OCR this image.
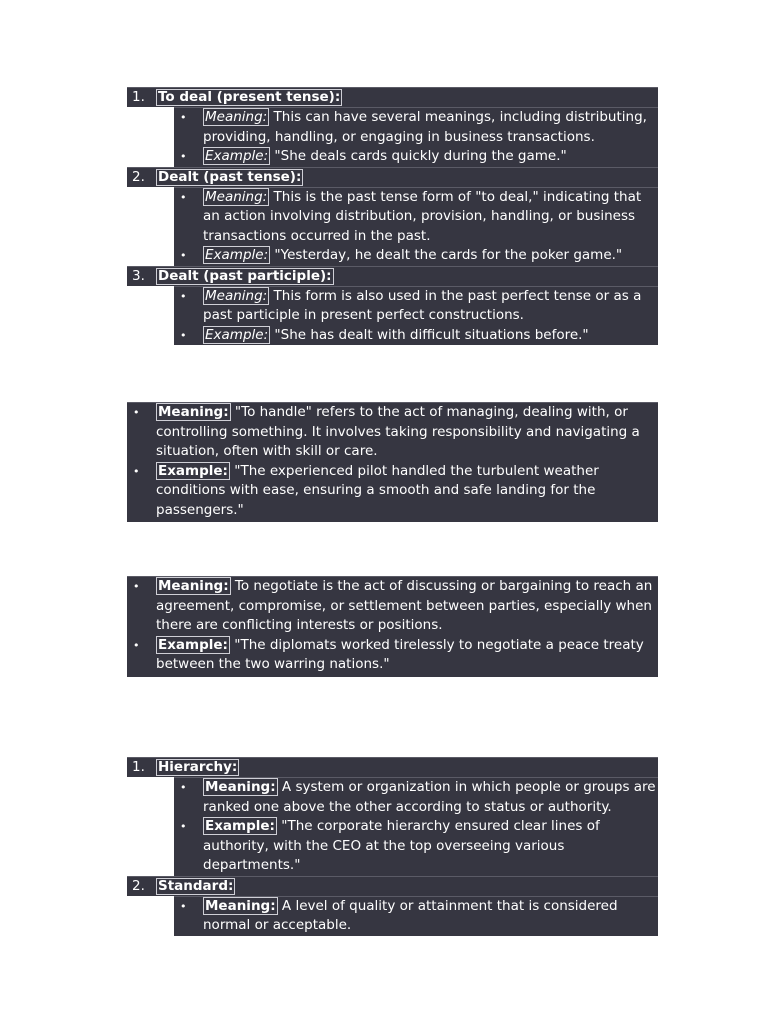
1. To deal (present tense):
• Meaning: This can have several meanings, including distributing, providing, handling, or engaging in business transactions.
• Example: "She deals cards quickly during the game."
2. Dealt (past tense):
• Meaning: This is the past tense form of "to deal," indicating that an action involving distribution, provision, handling, or business transactions occurred in the past.
• Example: "Yesterday, he dealt the cards for the poker game."
3. Dealt (past participle):
• Meaning: This form is also used in the past perfect tense or as a past participle in present perfect constructions.
• Example: "She has dealt with difficult situations before."
• Meaning: "To handle" refers to the act of managing, dealing with, or controlling something. It involves taking responsibility and navigating a situation, often with skill or care.
• Example: "The experienced pilot handled the turbulent weather conditions with ease, ensuring a smooth and safe landing for the passengers."
• Meaning: To negotiate is the act of discussing or bargaining to reach an agreement, compromise, or settlement between parties, especially when there are conflicting interests or positions.
• Example: "The diplomats worked tirelessly to negotiate a peace treaty between the two warring nations."
1. Hierarchy:
• Meaning: A system or organization in which people or groups are ranked one above the other according to status or authority.
• Example: "The corporate hierarchy ensured clear lines of authority, with the CEO at the top overseeing various departments."
2. Standard:
• Meaning: A level of quality or attainment that is considered normal or acceptable.
